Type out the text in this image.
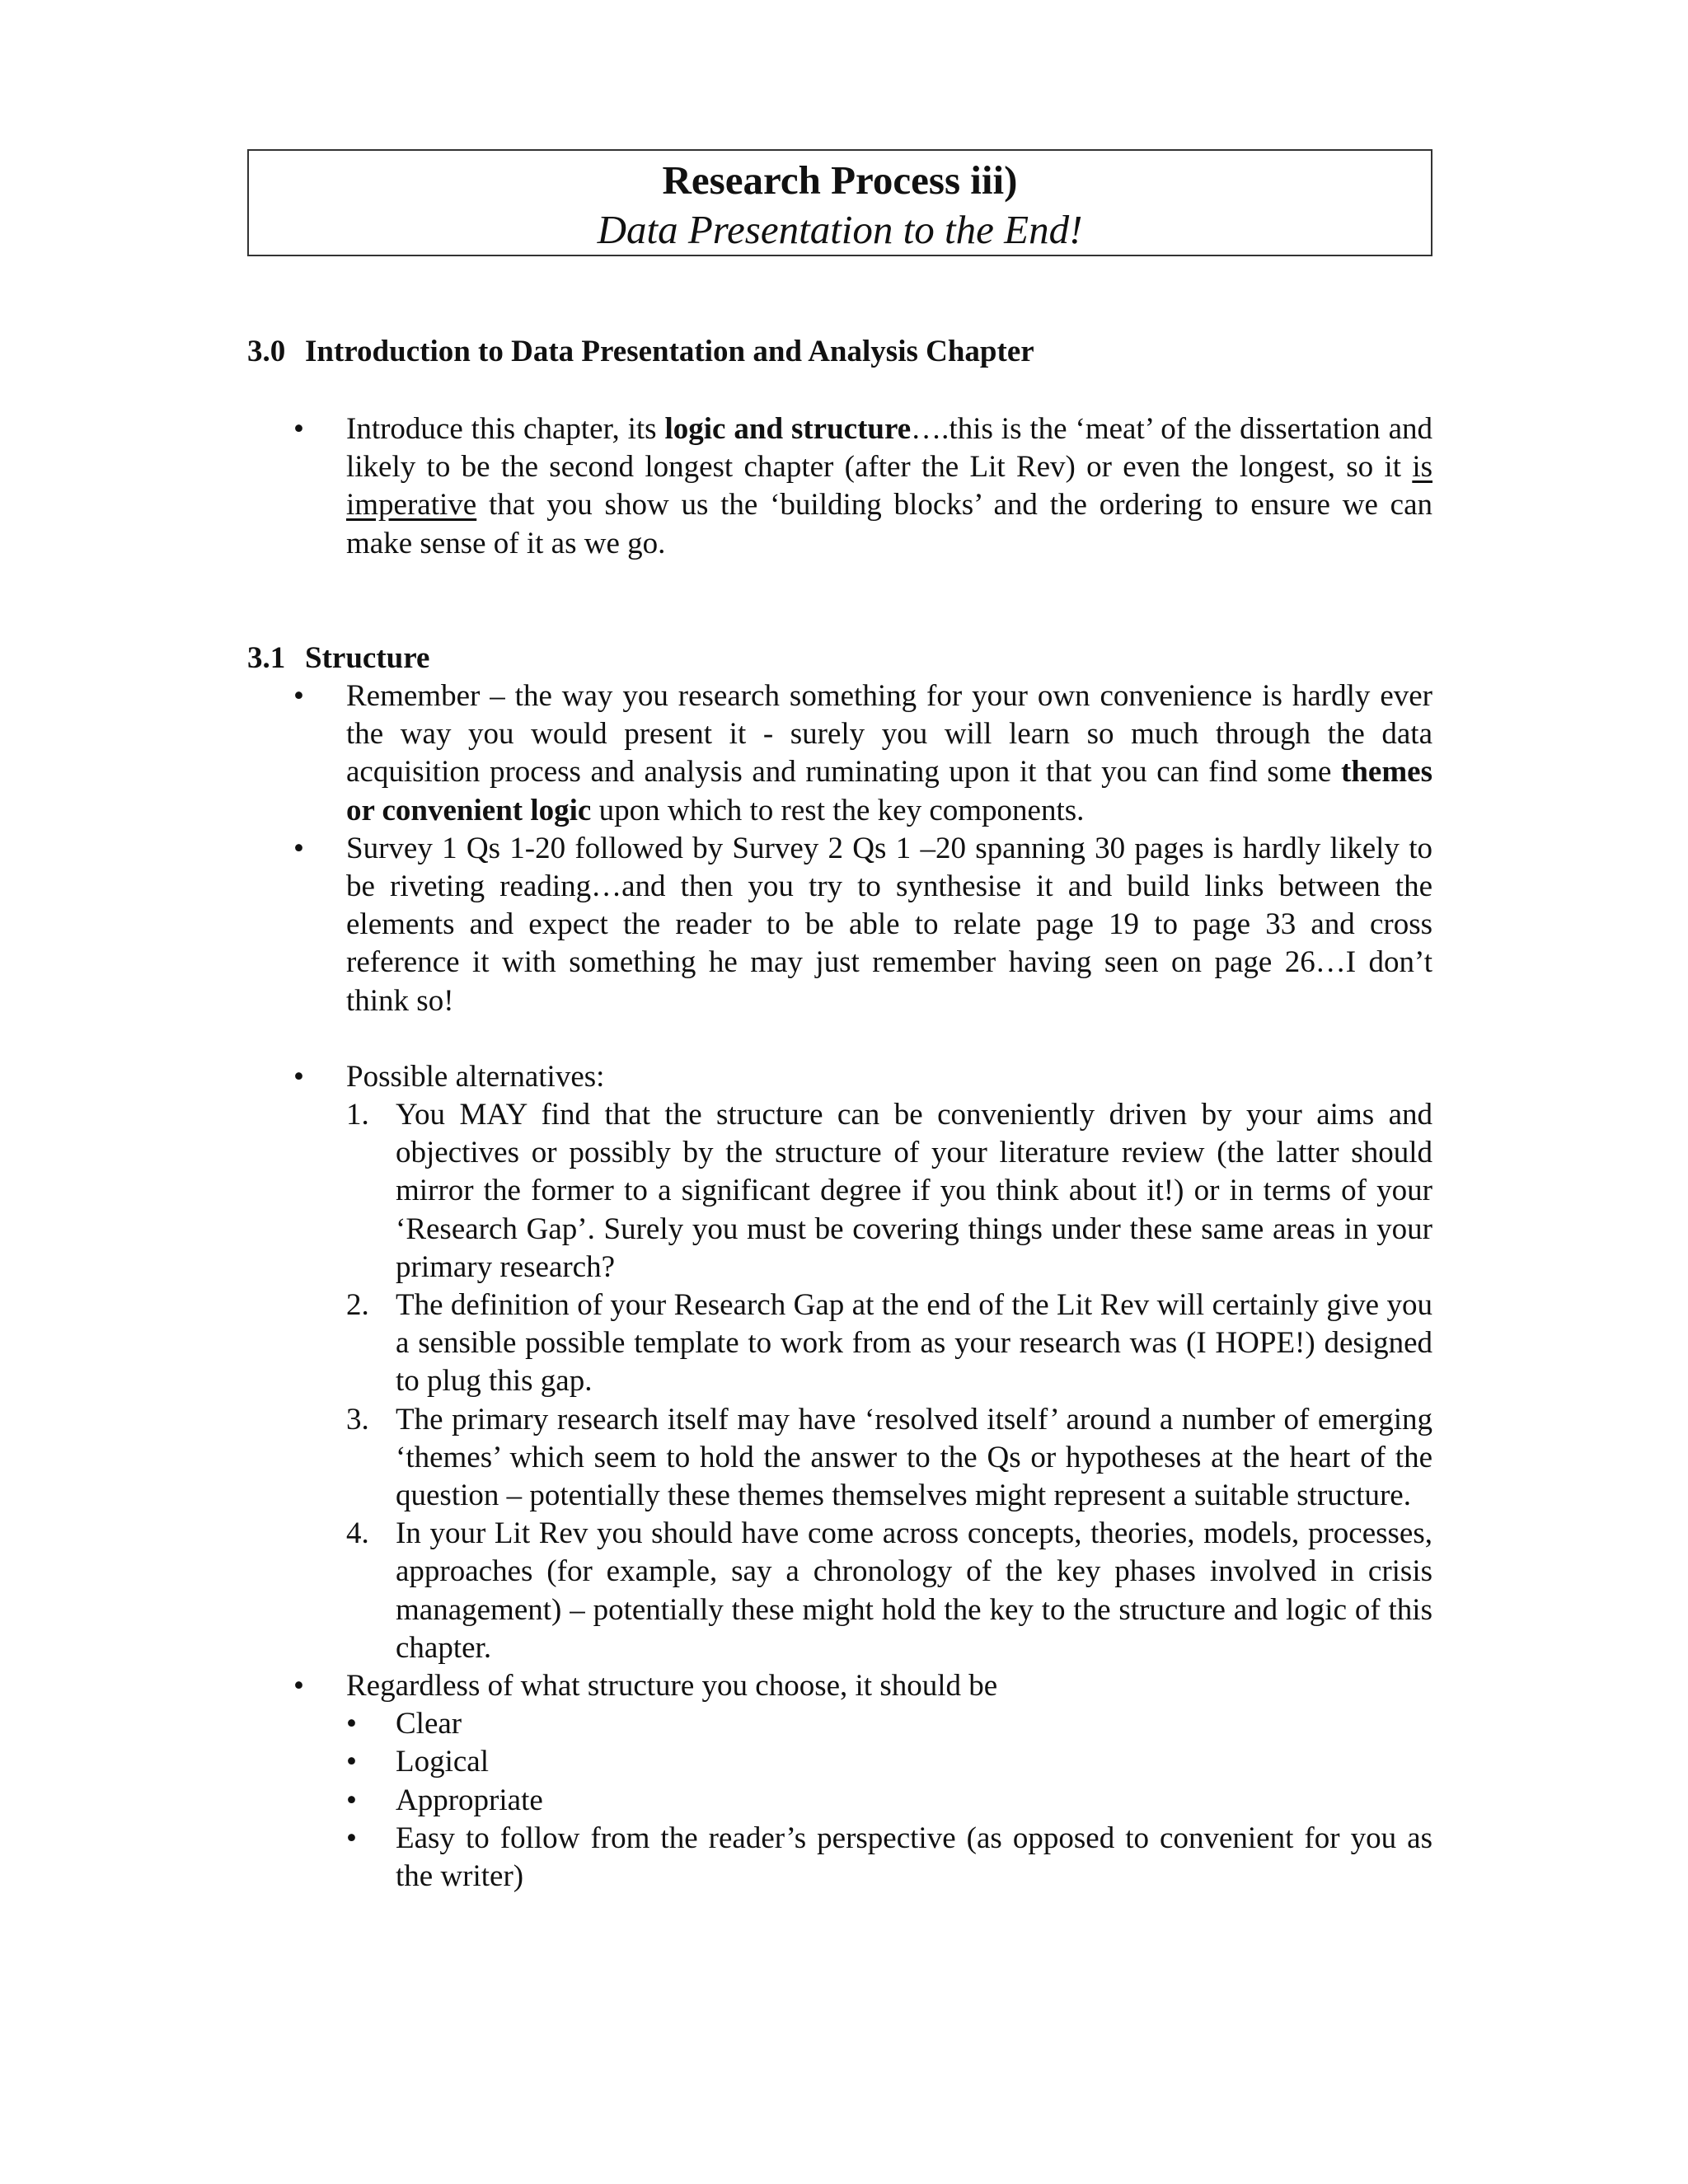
Research Process iii)
Data Presentation to the End!
3.0 Introduction to Data Presentation and Analysis Chapter
• Introduce this chapter, its logic and structure….this is the ‘meat’ of the dissertation and likely to be the second longest chapter (after the Lit Rev) or even the longest, so it is imperative that you show us the ‘building blocks’ and the ordering to ensure we can make sense of it as we go.
3.1 Structure
• Remember – the way you research something for your own convenience is hardly ever the way you would present it - surely you will learn so much through the data acquisition process and analysis and ruminating upon it that you can find some themes or convenient logic upon which to rest the key components.
• Survey 1 Qs 1-20 followed by Survey 2 Qs 1 –20 spanning 30 pages is hardly likely to be riveting reading…and then you try to synthesise it and build links between the elements and expect the reader to be able to relate page 19 to page 33 and cross reference it with something he may just remember having seen on page 26…I don’t think so!
• Possible alternatives:
1. You MAY find that the structure can be conveniently driven by your aims and objectives or possibly by the structure of your literature review (the latter should mirror the former to a significant degree if you think about it!) or in terms of your ‘Research Gap’. Surely you must be covering things under these same areas in your primary research?
2. The definition of your Research Gap at the end of the Lit Rev will certainly give you a sensible possible template to work from as your research was (I HOPE!) designed to plug this gap.
3. The primary research itself may have ‘resolved itself’ around a number of emerging ‘themes’ which seem to hold the answer to the Qs or hypotheses at the heart of the question – potentially these themes themselves might represent a suitable structure.
4. In your Lit Rev you should have come across concepts, theories, models, processes, approaches (for example, say a chronology of the key phases involved in crisis management) – potentially these might hold the key to the structure and logic of this chapter.
• Regardless of what structure you choose, it should be
• Clear
• Logical
• Appropriate
• Easy to follow from the reader’s perspective (as opposed to convenient for you as the writer)
